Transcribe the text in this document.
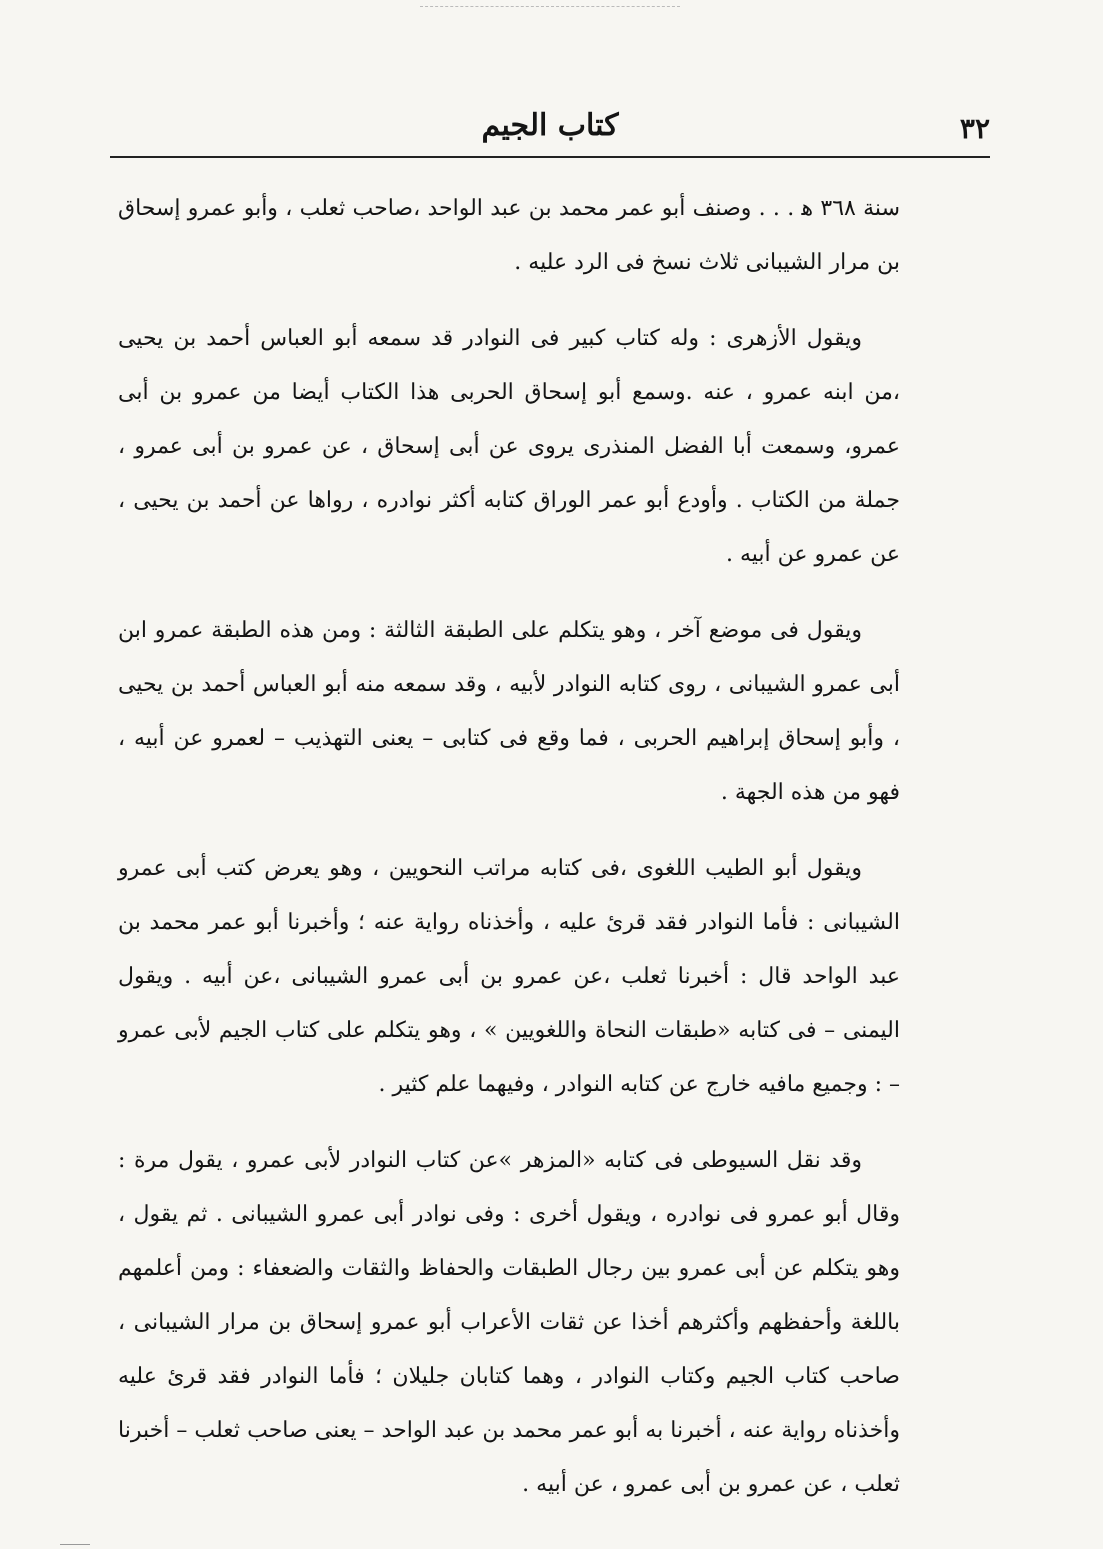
٣٢
كتاب الجيم

سنة ٣٦٨ ﻫ . . . وصنف أبو عمر محمد بن عبد الواحد ،صاحب ثعلب ، وأبو عمرو إسحاق بن مرار الشيبانى ثلاث نسخ فى الرد عليه .

ويقول الأزهرى : وله كتاب كبير فى النوادر قد سمعه أبو العباس أحمد بن يحيى ،من ابنه عمرو ، عنه .وسمع أبو إسحاق الحربى هذا الكتاب أيضا من عمرو بن أبى عمرو، وسمعت أبا الفضل المنذرى يروى عن أبى إسحاق ، عن عمرو بن أبى عمرو ، جملة من الكتاب . وأودع أبو عمر الوراق كتابه أكثر نوادره ، رواها عن أحمد بن يحيى ، عن عمرو عن أبيه .

ويقول فى موضع آخر ، وهو يتكلم على الطبقة الثالثة : ومن هذه الطبقة عمرو ابن أبى عمرو الشيبانى ، روى كتابه النوادر لأبيه ، وقد سمعه منه أبو العباس أحمد بن يحيى ، وأبو إسحاق إبراهيم الحربى ، فما وقع فى كتابى – يعنى التهذيب – لعمرو عن أبيه ، فهو من هذه الجهة .

ويقول أبو الطيب اللغوى ،فى كتابه مراتب النحويين ، وهو يعرض كتب أبى عمرو الشيبانى : فأما النوادر فقد قرئ عليه ، وأخذناه رواية عنه ؛ وأخبرنا أبو عمر محمد بن عبد الواحد قال : أخبرنا ثعلب ،عن عمرو بن أبى عمرو الشيبانى ،عن أبيه . ويقول اليمنى – فى كتابه «طبقات النحاة واللغويين » ، وهو يتكلم على كتاب الجيم لأبى عمرو – : وجميع مافيه خارج عن كتابه النوادر ، وفيهما علم كثير .

وقد نقل السيوطى فى كتابه «المزهر »عن كتاب النوادر لأبى عمرو ، يقول مرة : وقال أبو عمرو فى نوادره ، ويقول أخرى : وفى نوادر أبى عمرو الشيبانى . ثم يقول ، وهو يتكلم عن أبى عمرو بين رجال الطبقات والحفاظ والثقات والضعفاء : ومن أعلمهم باللغة وأحفظهم وأكثرهم أخذا عن ثقات الأعراب أبو عمرو إسحاق بن مرار الشيبانى ، صاحب كتاب الجيم وكتاب النوادر ، وهما كتابان جليلان ؛ فأما النوادر فقد قرئ عليه وأخذناه رواية عنه ، أخبرنا به أبو عمر محمد بن عبد الواحد – يعنى صاحب ثعلب – أخبرنا ثعلب ، عن عمرو بن أبى عمرو ، عن أبيه .
